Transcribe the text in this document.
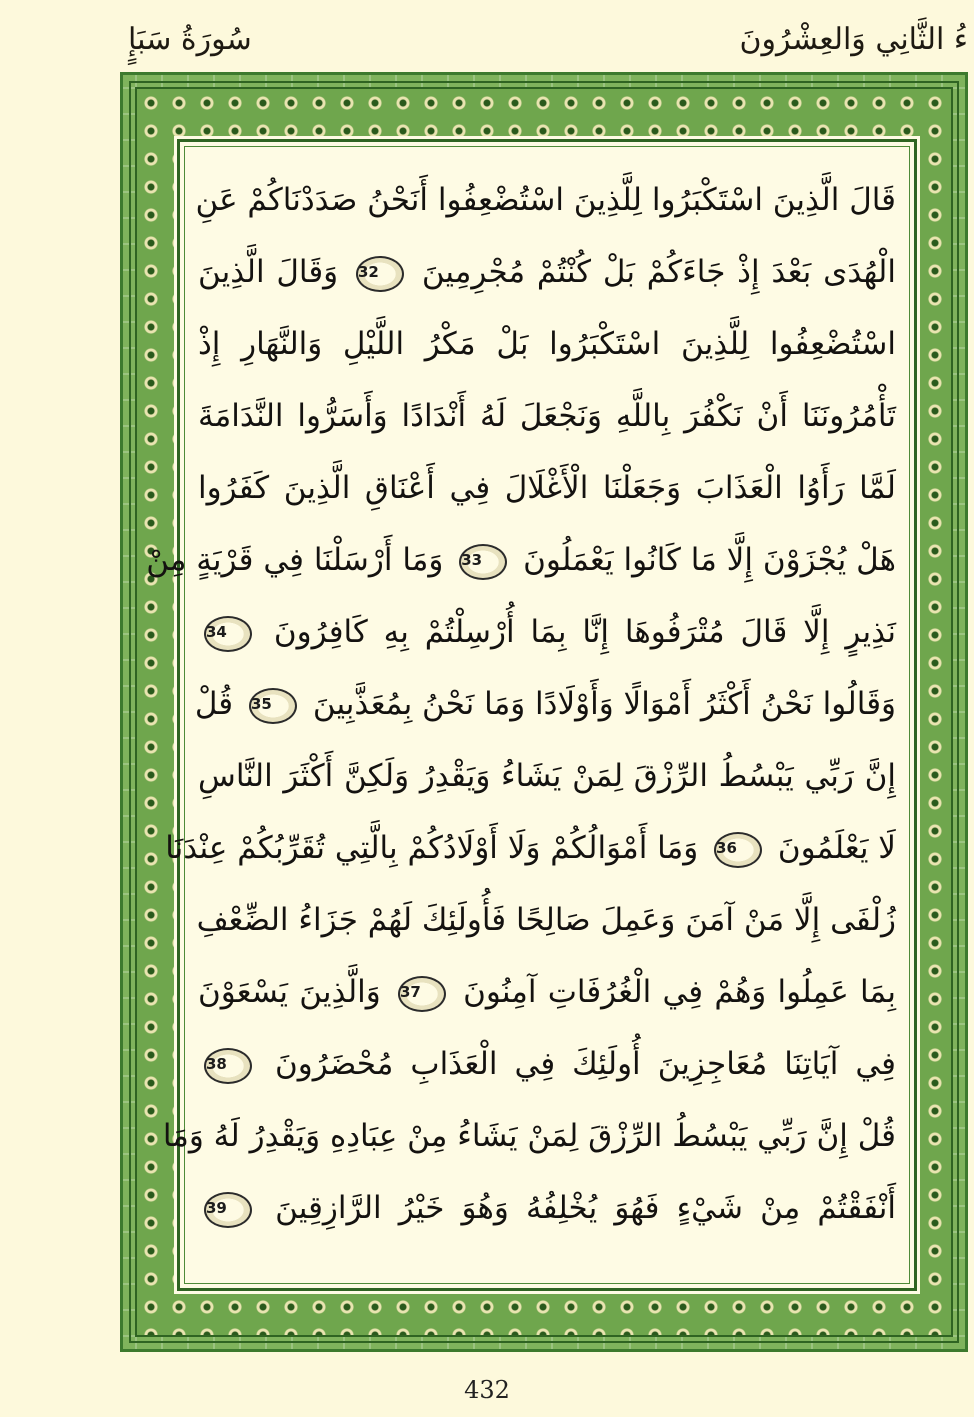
ءُ الثَّانِي وَالعِشْرُونَ
سُورَةُ سَبَإٍ
قَالَ الَّذِينَ اسْتَكْبَرُوا لِلَّذِينَ اسْتُضْعِفُوا أَنَحْنُ صَدَدْنَاكُمْ عَنِ
الْهُدَى بَعْدَ إِذْ جَاءَكُمْ بَلْ كُنْتُمْ مُجْرِمِينَ 32 وَقَالَ الَّذِينَ
اسْتُضْعِفُوا لِلَّذِينَ اسْتَكْبَرُوا بَلْ مَكْرُ اللَّيْلِ وَالنَّهَارِ إِذْ
تَأْمُرُونَنَا أَنْ نَكْفُرَ بِاللَّهِ وَنَجْعَلَ لَهُ أَنْدَادًا وَأَسَرُّوا النَّدَامَةَ
لَمَّا رَأَوُا الْعَذَابَ وَجَعَلْنَا الْأَغْلَالَ فِي أَعْنَاقِ الَّذِينَ كَفَرُوا
هَلْ يُجْزَوْنَ إِلَّا مَا كَانُوا يَعْمَلُونَ 33 وَمَا أَرْسَلْنَا فِي قَرْيَةٍ مِنْ
نَذِيرٍ إِلَّا قَالَ مُتْرَفُوهَا إِنَّا بِمَا أُرْسِلْتُمْ بِهِ كَافِرُونَ 34
وَقَالُوا نَحْنُ أَكْثَرُ أَمْوَالًا وَأَوْلَادًا وَمَا نَحْنُ بِمُعَذَّبِينَ 35 قُلْ
إِنَّ رَبِّي يَبْسُطُ الرِّزْقَ لِمَنْ يَشَاءُ وَيَقْدِرُ وَلَكِنَّ أَكْثَرَ النَّاسِ
لَا يَعْلَمُونَ 36 وَمَا أَمْوَالُكُمْ وَلَا أَوْلَادُكُمْ بِالَّتِي تُقَرِّبُكُمْ عِنْدَنَا
زُلْفَى إِلَّا مَنْ آمَنَ وَعَمِلَ صَالِحًا فَأُولَئِكَ لَهُمْ جَزَاءُ الضِّعْفِ
بِمَا عَمِلُوا وَهُمْ فِي الْغُرُفَاتِ آمِنُونَ 37 وَالَّذِينَ يَسْعَوْنَ
فِي آيَاتِنَا مُعَاجِزِينَ أُولَئِكَ فِي الْعَذَابِ مُحْضَرُونَ 38
قُلْ إِنَّ رَبِّي يَبْسُطُ الرِّزْقَ لِمَنْ يَشَاءُ مِنْ عِبَادِهِ وَيَقْدِرُ لَهُ وَمَا
أَنْفَقْتُمْ مِنْ شَيْءٍ فَهُوَ يُخْلِفُهُ وَهُوَ خَيْرُ الرَّازِقِينَ 39
432
